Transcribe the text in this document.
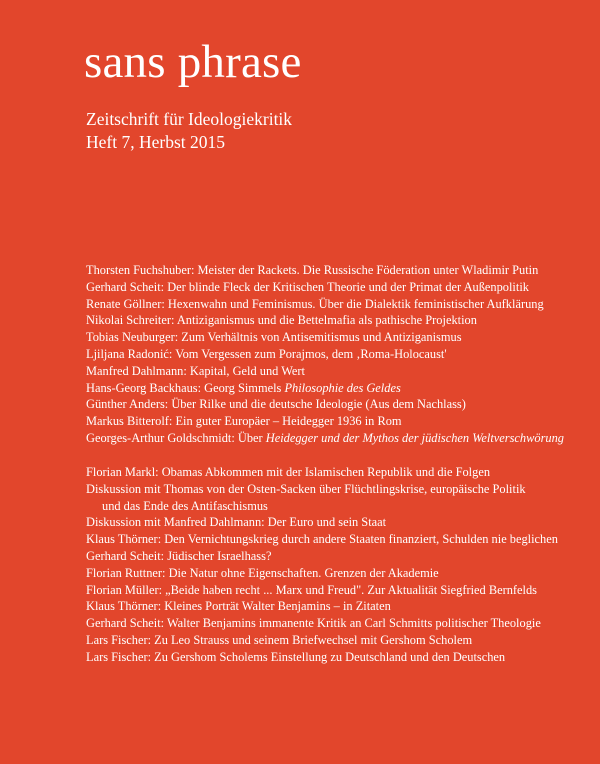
sans phrase

Zeitschrift für Ideologiekritik

Heft 7, Herbst 2015

Thorsten Fuchshuber: Meister der Rackets. Die Russische Föderation unter Wladimir Putin
Gerhard Scheit: Der blinde Fleck der Kritischen Theorie und der Primat der Außenpolitik
Renate Göllner: Hexenwahn und Feminismus. Über die Dialektik feministischer Aufklärung
Nikolai Schreiter: Antiziganismus und die Bettelmafia als pathische Projektion
Tobias Neuburger: Zum Verhältnis von Antisemitismus und Antiziganismus
Ljiljana Radonić: Vom Vergessen zum Porajmos, dem ‚Roma-Holocaust'
Manfred Dahlmann: Kapital, Geld und Wert
Hans-Georg Backhaus: Georg Simmels Philosophie des Geldes
Günther Anders: Über Rilke und die deutsche Ideologie (Aus dem Nachlass)
Markus Bitterolf: Ein guter Europäer – Heidegger 1936 in Rom
Georges-Arthur Goldschmidt: Über Heidegger und der Mythos der jüdischen Weltverschwörung
Florian Markl: Obamas Abkommen mit der Islamischen Republik und die Folgen
Diskussion mit Thomas von der Osten-Sacken über Flüchtlingskrise, europäische Politik
und das Ende des Antifaschismus
Diskussion mit Manfred Dahlmann: Der Euro und sein Staat
Klaus Thörner: Den Vernichtungskrieg durch andere Staaten finanziert, Schulden nie beglichen
Gerhard Scheit: Jüdischer Israelhass?
Florian Ruttner: Die Natur ohne Eigenschaften. Grenzen der Akademie
Florian Müller: „Beide haben recht ... Marx und Freud". Zur Aktualität Siegfried Bernfelds
Klaus Thörner: Kleines Porträt Walter Benjamins – in Zitaten
Gerhard Scheit: Walter Benjamins immanente Kritik an Carl Schmitts politischer Theologie
Lars Fischer: Zu Leo Strauss und seinem Briefwechsel mit Gershom Scholem
Lars Fischer: Zu Gershom Scholems Einstellung zu Deutschland und den Deutschen
